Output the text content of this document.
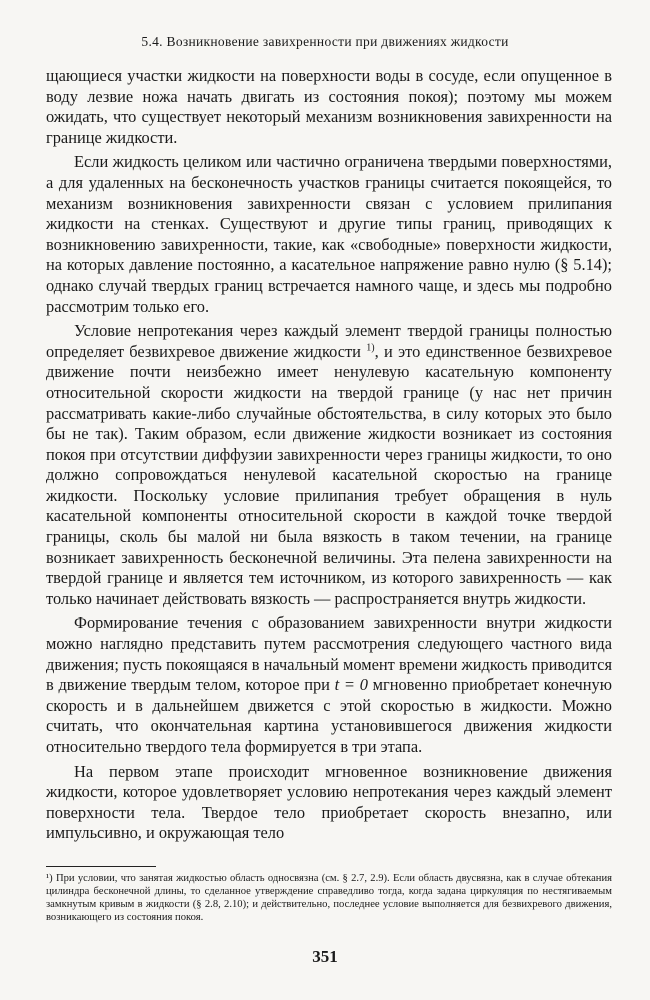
5.4. Возникновение завихренности при движениях жидкости

щающиеся участки жидкости на поверхности воды в сосуде, если опущенное в воду лезвие ножа начать двигать из состояния покоя); поэтому мы можем ожидать, что существует некоторый механизм возникновения завихренности на границе жидкости.

Если жидкость целиком или частично ограничена твердыми поверхностями, а для удаленных на бесконечность участков границы считается покоящейся, то механизм возникновения завихренности связан с условием прилипания жидкости на стенках. Существуют и другие типы границ, приводящих к возникновению завихренности, такие, как «свободные» поверхности жидкости, на которых давление постоянно, а касательное напряжение равно нулю (§ 5.14); однако случай твердых границ встречается намного чаще, и здесь мы подробно рассмотрим только его.

Условие непротекания через каждый элемент твердой границы полностью определяет безвихревое движение жидкости $^{1)}$, и это единственное безвихревое движение почти неизбежно имеет ненулевую касательную компоненту относительной скорости жидкости на твердой границе (у нас нет причин рассматривать какие-либо случайные обстоятельства, в силу которых это было бы не так). Таким образом, если движение жидкости возникает из состояния покоя при отсутствии диффузии завихренности через границы жидкости, то оно должно сопровождаться ненулевой касательной скоростью на границе жидкости. Поскольку условие прилипания требует обращения в нуль касательной компоненты относительной скорости в каждой точке твердой границы, сколь бы малой ни была вязкость в таком течении, на границе возникает завихренность бесконечной величины. Эта пелена завихренности на твердой границе и является тем источником, из которого завихренность — как только начинает действовать вязкость — распространяется внутрь жидкости.

Формирование течения с образованием завихренности внутри жидкости можно наглядно представить путем рассмотрения следующего частного вида движения; пусть покоящаяся в начальный момент времени жидкость приводится в движение твердым телом, которое при t = 0 мгновенно приобретает конечную скорость и в дальнейшем движется с этой скоростью в жидкости. Можно считать, что окончательная картина установившегося движения жидкости относительно твердого тела формируется в три этапа.

На первом этапе происходит мгновенное возникновение движения жидкости, которое удовлетворяет условию непротекания через каждый элемент поверхности тела. Твердое тело приобретает скорость внезапно, или импульсивно, и окружающая тело

¹) При условии, что занятая жидкостью область односвязна (см. § 2.7, 2.9). Если область двусвязна, как в случае обтекания цилиндра бесконечной длины, то сделанное утверждение справедливо тогда, когда задана циркуляция по нестягиваемым замкнутым кривым в жидкости (§ 2.8, 2.10); и действительно, последнее условие выполняется для безвихревого движения, возникающего из состояния покоя.
351
